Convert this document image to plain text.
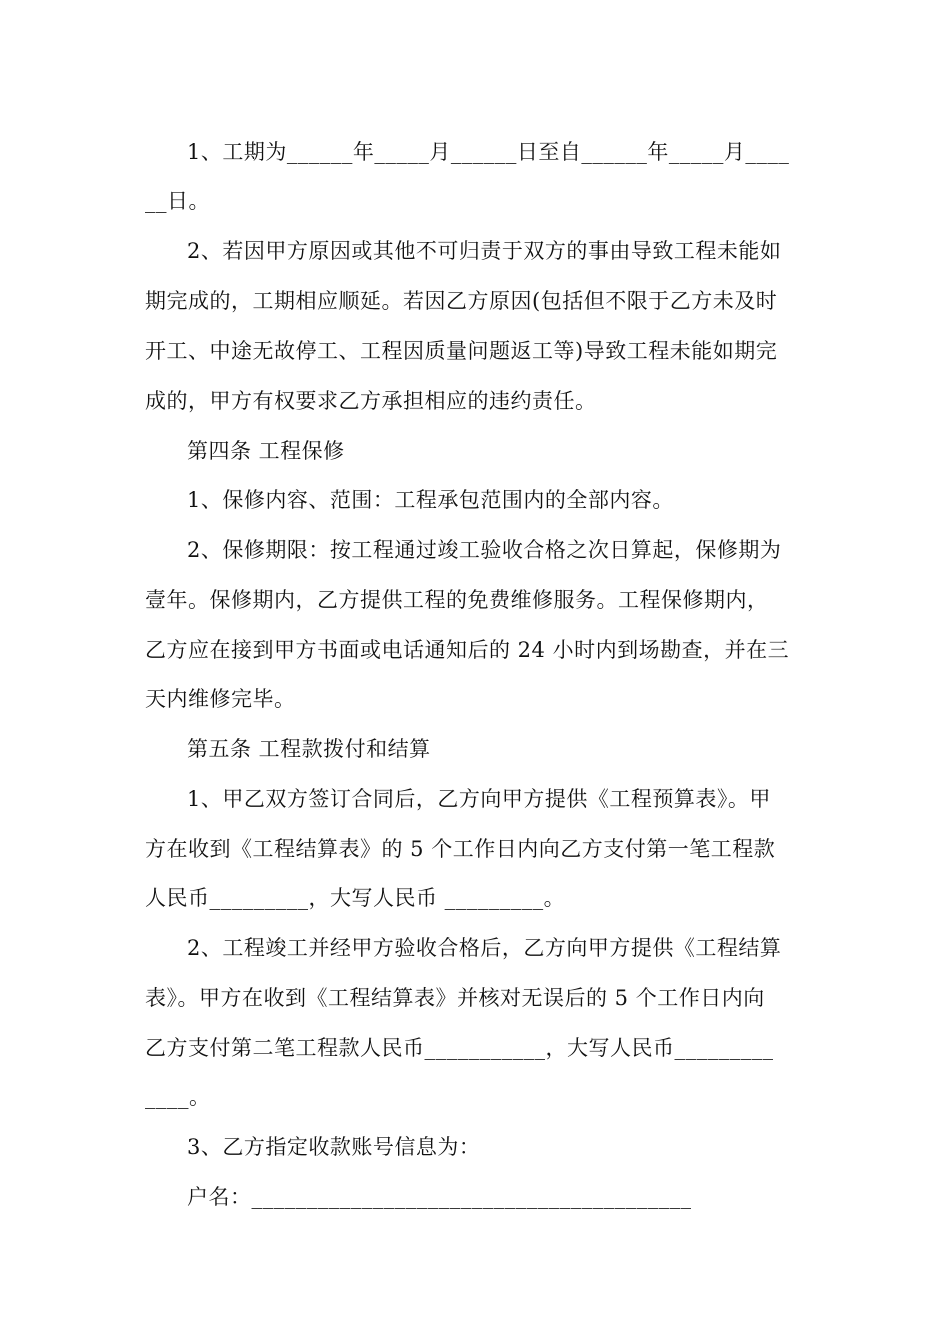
1、工期为______年_____月______日至自______年_____月____
__日。
2、若因甲方原因或其他不可归责于双方的事由导致工程未能如
期完成的，工期相应顺延。若因乙方原因(包括但不限于乙方未及时
开工、中途无故停工、工程因质量问题返工等)导致工程未能如期完
成的，甲方有权要求乙方承担相应的违约责任。
第四条 工程保修
1、保修内容、范围：工程承包范围内的全部内容。
2、保修期限：按工程通过竣工验收合格之次日算起，保修期为
壹年。保修期内，乙方提供工程的免费维修服务。工程保修期内，
乙方应在接到甲方书面或电话通知后的 24 小时内到场勘查，并在三
天内维修完毕。
第五条 工程款拨付和结算
1、甲乙双方签订合同后，乙方向甲方提供《工程预算表》。甲
方在收到《工程结算表》的 5 个工作日内向乙方支付第一笔工程款
人民币_________，大写人民币 _________。
2、工程竣工并经甲方验收合格后，乙方向甲方提供《工程结算
表》。甲方在收到《工程结算表》并核对无误后的 5 个工作日内向
乙方支付第二笔工程款人民币___________，大写人民币_________
____。
3、乙方指定收款账号信息为：
户名：________________________________________
